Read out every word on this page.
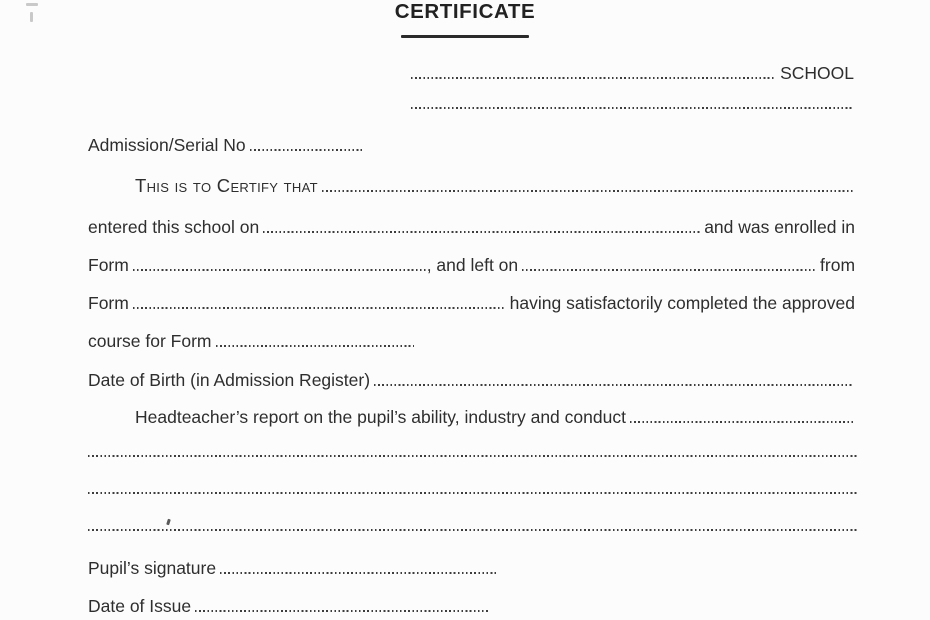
CERTIFICATE
SCHOOL
Admission/Serial No
This is to Certify that
entered this school on	and was enrolled in
Form	, and left on	from
Form	having satisfactorily completed the approved
course for Form
Date of Birth (in Admission Register)
Headteacher’s report on the pupil’s ability, industry and conduct
Pupil’s signature
Date of Issue
